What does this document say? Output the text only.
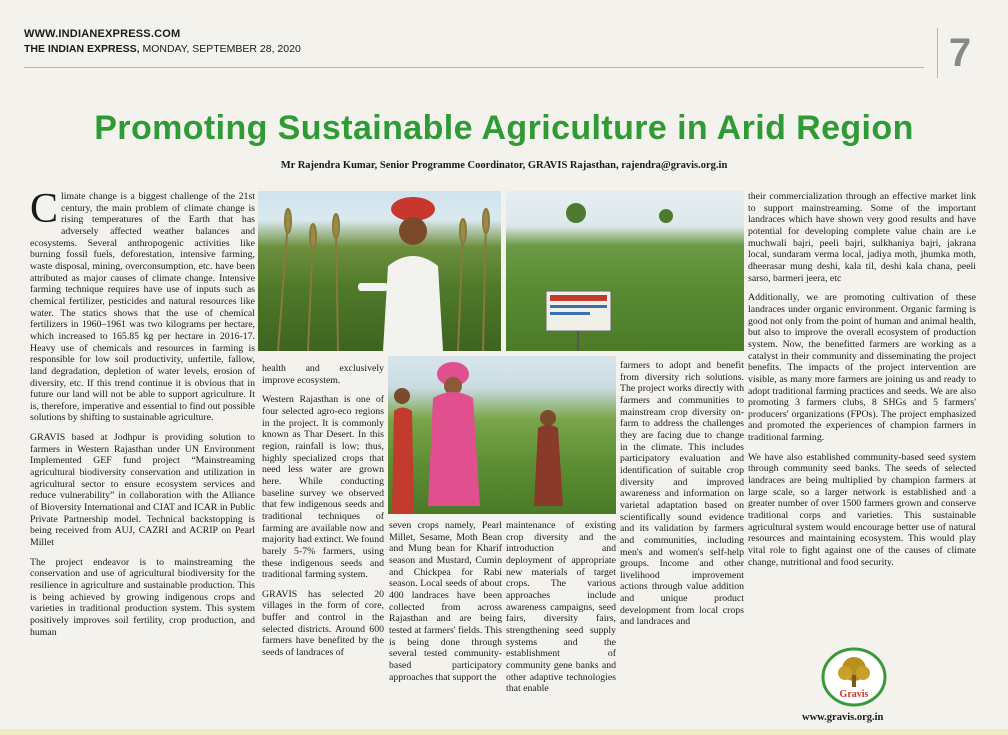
WWW.INDIANEXPRESS.COM
THE INDIAN EXPRESS, MONDAY, SEPTEMBER 28, 2020	7
Promoting Sustainable Agriculture in Arid Region
Mr Rajendra Kumar, Senior Programme Coordinator, GRAVIS Rajasthan, rajendra@gravis.org.in

Climate change is a biggest challenge of the 21st century, the main problem of climate change is rising temperatures of the Earth that has adversely affected weather balances and ecosystems. Several anthropogenic activities like burning fossil fuels, deforestation, intensive farming, waste disposal, mining, overconsumption, etc. have been attributed as major causes of climate change. Intensive farming technique requires have use of inputs such as chemical fertilizer, pesticides and natural resources like water. The statics shows that the use of chemical fertilizers in 1960–1961 was two kilograms per hectare, which increased to 165.85 kg per hectare in 2016-17. Heavy use of chemicals and resources in farming is responsible for low soil productivity, unfertile, fallow, land degradation, depletion of water levels, erosion of diversity, etc. If this trend continue it is obvious that in future our land will not be able to support agriculture. It is, therefore, imperative and essential to find out possible solutions by shifting to sustainable agriculture.

GRAVIS based at Jodhpur is providing solution to farmers in Western Rajasthan under UN Environment Implemented GEF fund project “Mainstreaming agricultural biodiversity conservation and utilization in agricultural sector to ensure ecosystem services and reduce vulnerability” in collaboration with the Alliance of Bioversity International and CIAT and ICAR in Public Private Partnership model. Technical backstopping is being received from AUJ, CAZRI and ACRIP on Pearl Millet

The project endeavor is to mainstreaming the conservation and use of agricultural biodiversity for the resilience in agriculture and sustainable production. This is being achieved by growing indigenous crops and varieties in traditional production system. This system positively improves soil fertility, crop production, and human

health and exclusively improve ecosystem.

Western Rajasthan is one of four selected agro-eco regions in the project. It is commonly known as Thar Desert. In this region, rainfall is low; thus, highly specialized crops that need less water are grown here. While conducting baseline survey we observed that few indigenous seeds and traditional techniques of farming are available now and majority had extinct. We found barely 5-7% farmers, using these indigenous seeds and traditional farming system.

GRAVIS has selected 20 villages in the form of core, buffer and control in the selected districts. Around 600 farmers have benefited by the seeds of landraces of

seven crops namely, Pearl Millet, Sesame, Moth Bean and Mung bean for Kharif season and Mustard, Cumin and Chickpea for Rabi season. Local seeds of about 400 landraces have been collected from across Rajasthan and are being tested at farmers' fields. This is being done through several tested community-based participatory approaches that support the

maintenance of existing crop diversity and the introduction and deployment of appropriate new materials of target crops. The various approaches include awareness campaigns, seed fairs, diversity fairs, strengthening seed supply systems and the establishment of community gene banks and other adaptive technologies that enable

farmers to adopt and benefit from diversity rich solutions. The project works directly with farmers and communities to mainstream crop diversity on-farm to address the challenges they are facing due to change in the climate. This includes participatory evaluation and identification of suitable crop diversity and improved awareness and information on varietal adaptation based on scientifically sound evidence and its validation by farmers and communities, including men's and women's self-help groups. Income and other livelihood improvement actions through value addition and unique product development from local crops and landraces and

their commercialization through an effective market link to support mainstreaming. Some of the important landraces which have shown very good results and have potential for developing complete value chain are i.e muchwali bajri, peeli bajri, sulkhaniya bajri, jakrana local, sundaram verma local, jadiya moth, jhumka moth, dheerasar mung deshi, kala til, deshi kala chana, peeli sarso, barmeri jeera, etc

Additionally, we are promoting cultivation of these landraces under organic environment. Organic farming is good not only from the point of human and animal health, but also to improve the overall ecosystem of production system. Now, the benefitted farmers are working as a catalyst in their community and disseminating the project benefits. The impacts of the project intervention are visible, as many more farmers are joining us and ready to adopt traditional farming practices and seeds. We are also promoting 3 farmers clubs, 8 SHGs and 5 farmers' producers' organizations (FPOs). The project emphasized and promoted the experiences of champion farmers in traditional farming.

We have also established community-based seed system through community seed banks. The seeds of selected landraces are being multiplied by champion farmers at large scale, so a larger network is established and a greater number of over 1500 farmers grown and conserve traditional corps and varieties. This sustainable agricultural system would encourage better use of natural resources and maintaining ecosystem. This would play vital role to fight against one of the causes of climate change, nutritional and food security.

Gravis
www.gravis.org.in
